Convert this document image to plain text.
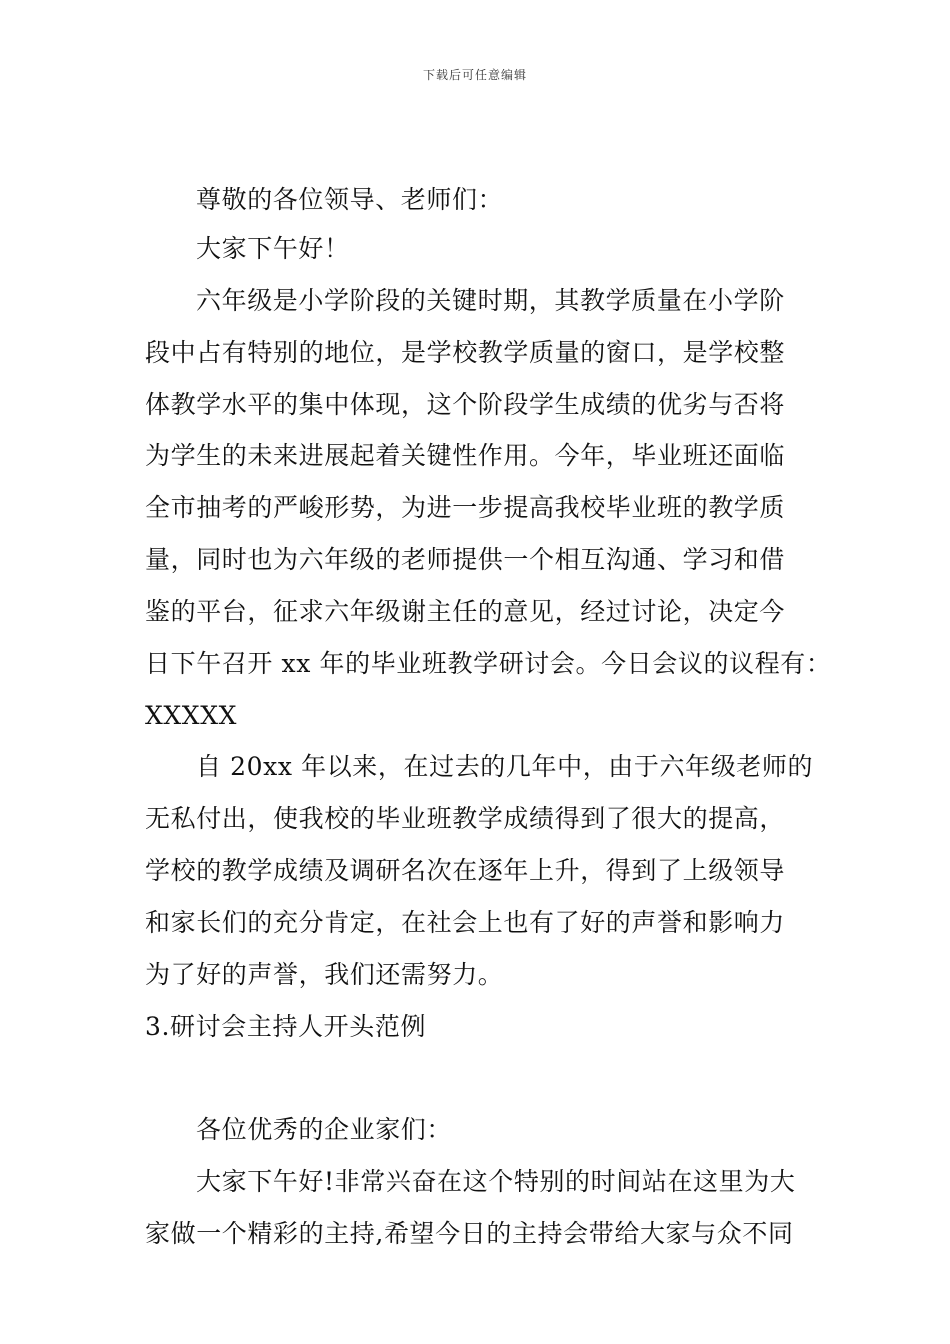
下载后可任意编辑
尊敬的各位领导、老师们：
大家下午好！
六年级是小学阶段的关键时期，其教学质量在小学阶
段中占有特别的地位，是学校教学质量的窗口，是学校整
体教学水平的集中体现，这个阶段学生成绩的优劣与否将
为学生的未来进展起着关键性作用。今年，毕业班还面临
全市抽考的严峻形势，为进一步提高我校毕业班的教学质
量，同时也为六年级的老师提供一个相互沟通、学习和借
鉴的平台，征求六年级谢主任的意见，经过讨论，决定今
日下午召开 xx 年的毕业班教学研讨会。今日会议的议程有：
XXXXX
自 20xx 年以来，在过去的几年中，由于六年级老师的
无私付出，使我校的毕业班教学成绩得到了很大的提高，
学校的教学成绩及调研名次在逐年上升，得到了上级领导
和家长们的充分肯定，在社会上也有了好的声誉和影响力
为了好的声誉，我们还需努力。
3.研讨会主持人开头范例
各位优秀的企业家们：
大家下午好!非常兴奋在这个特别的时间站在这里为大
家做一个精彩的主持,希望今日的主持会带给大家与众不同
